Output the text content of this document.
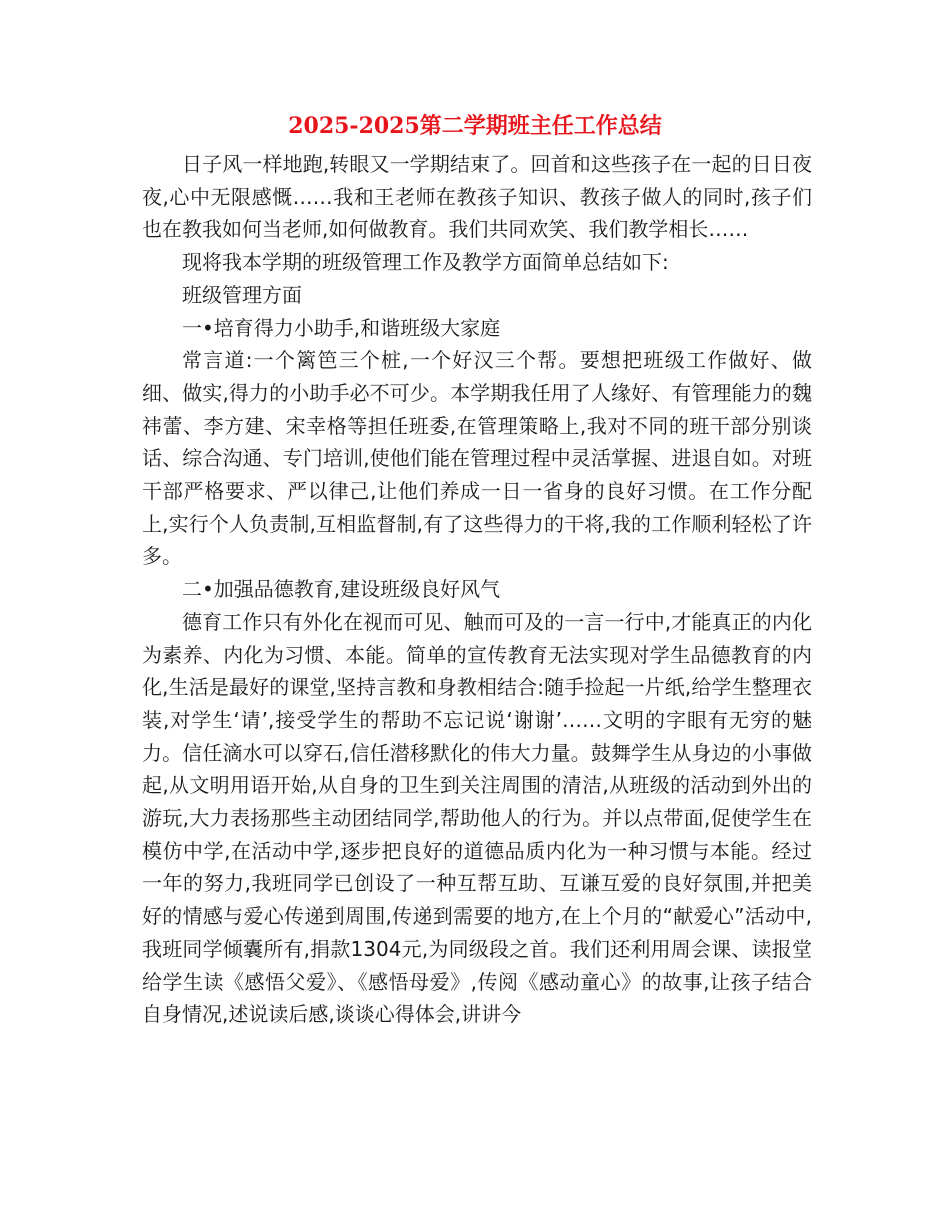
2025-2025第二学期班主任工作总结

日子风一样地跑,转眼又一学期结束了。回首和这些孩子在一起的日日夜夜,心中无限感慨……我和王老师在教孩子知识、教孩子做人的同时,孩子们也在教我如何当老师,如何做教育。我们共同欢笑、我们教学相长……

现将我本学期的班级管理工作及教学方面简单总结如下:

班级管理方面

一•培育得力小助手,和谐班级大家庭

常言道:一个篱笆三个桩,一个好汉三个帮。要想把班级工作做好、做细、做实,得力的小助手必不可少。本学期我任用了人缘好、有管理能力的魏祎蕾、李方建、宋幸格等担任班委,在管理策略上,我对不同的班干部分别谈话、综合沟通、专门培训,使他们能在管理过程中灵活掌握、进退自如。对班干部严格要求、严以律己,让他们养成一日一省身的良好习惯。在工作分配上,实行个人负责制,互相监督制,有了这些得力的干将,我的工作顺利轻松了许多。

二•加强品德教育,建设班级良好风气

德育工作只有外化在视而可见、触而可及的一言一行中,才能真正的内化为素养、内化为习惯、本能。简单的宣传教育无法实现对学生品德教育的内化,生活是最好的课堂,坚持言教和身教相结合:随手捡起一片纸,给学生整理衣装,对学生‘请’,接受学生的帮助不忘记说‘谢谢’……文明的字眼有无穷的魅力。信任滴水可以穿石,信任潜移默化的伟大力量。鼓舞学生从身边的小事做起,从文明用语开始,从自身的卫生到关注周围的清洁,从班级的活动到外出的游玩,大力表扬那些主动团结同学,帮助他人的行为。并以点带面,促使学生在模仿中学,在活动中学,逐步把良好的道德品质内化为一种习惯与本能。经过一年的努力,我班同学已创设了一种互帮互助、互谦互爱的良好氛围,并把美好的情感与爱心传递到周围,传递到需要的地方,在上个月的“献爱心”活动中,我班同学倾囊所有,捐款1304元,为同级段之首。我们还利用周会课、读报堂给学生读《感悟父爱》、《感悟母爱》,传阅《感动童心》的故事,让孩子结合自身情况,述说读后感,谈谈心得体会,讲讲今
